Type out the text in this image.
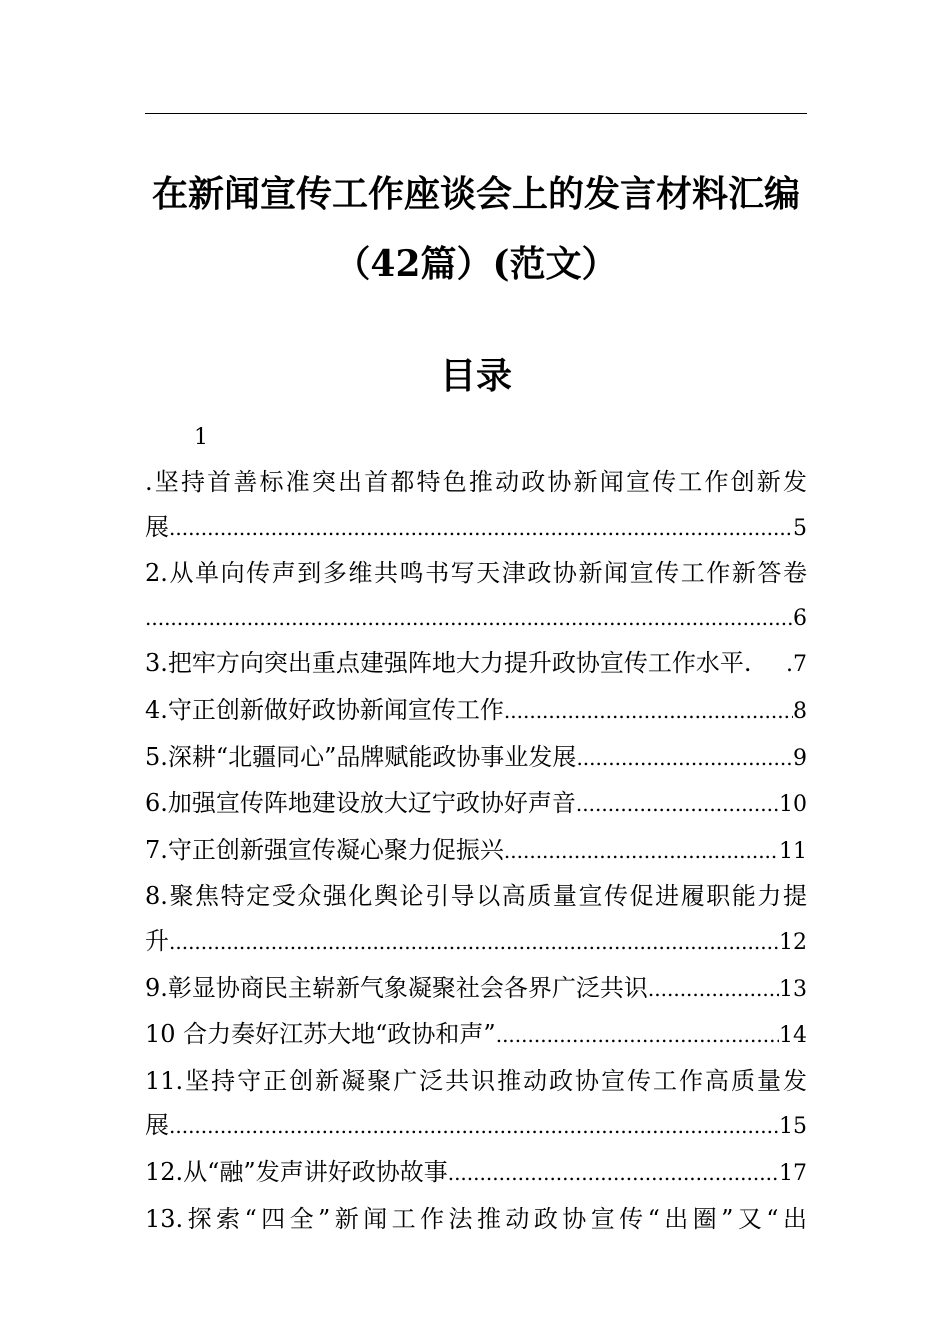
在新闻宣传工作座谈会上的发言材料汇编
（42篇）(范文）
目录
1
.坚持首善标准突出首都特色推动政协新闻宣传工作创新发
展 .....	5
2.从单向传声到多维共鸣书写天津政协新闻宣传工作新答卷
.....
6
3.把牢方向突出重点建强阵地大力提升政协宣传工作水平. .7
4.守正创新做好政协新闻宣传工作 .....	8
5.深耕“北疆同心”品牌赋能政协事业发展 .....	9
6.加强宣传阵地建设放大辽宁政协好声音 .....	10
7.守正创新强宣传凝心聚力促振兴 .....	11
8.聚焦特定受众强化舆论引导以高质量宣传促进履职能力提
升 .....	12
9.彰显协商民主崭新气象凝聚社会各界广泛共识 .....	13
10 合力奏好江苏大地“政协和声” .....	14
11.坚持守正创新凝聚广泛共识推动政协宣传工作高质量发
展 .....	15
12.从“融”发声讲好政协故事 .....	17
13.探索“四全”新闻工作法推动政协宣传“出圈”又“出
